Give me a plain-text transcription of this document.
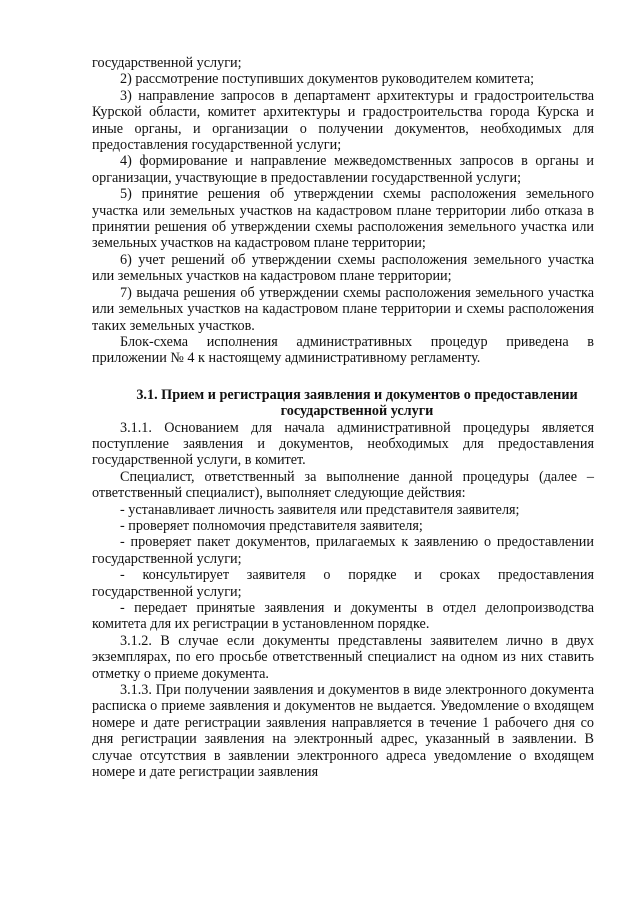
государственной услуги;

2) рассмотрение поступивших документов руководителем комитета;

3) направление запросов в департамент архитектуры и градостроительства Курской области, комитет архитектуры и градостроительства города Курска и иные органы, и организации о получении документов, необходимых для предоставления государственной услуги;

4) формирование и направление межведомственных запросов в органы и организации, участвующие в предоставлении государственной услуги;

5) принятие решения об утверждении схемы расположения земельного участка или земельных участков на кадастровом плане территории либо отказа в принятии решения об утверждении схемы расположения земельного участка или земельных участков на кадастровом плане территории;

6) учет решений об утверждении схемы расположения земельного участка или земельных участков на кадастровом плане территории;

7) выдача решения об утверждении схемы расположения земельного участка или земельных участков на кадастровом плане территории и схемы расположения таких земельных участков.

Блок-схема исполнения административных процедур приведена в приложении № 4 к настоящему административному регламенту.

3.1. Прием и регистрация заявления и документов о предоставлении государственной услуги

3.1.1. Основанием для начала административной процедуры является поступление заявления и документов, необходимых для предоставления государственной услуги, в комитет.

Специалист, ответственный за выполнение данной процедуры (далее – ответственный специалист), выполняет следующие действия:

- устанавливает личность заявителя или представителя заявителя;

- проверяет полномочия представителя заявителя;

- проверяет пакет документов, прилагаемых к заявлению о предоставлении государственной услуги;

- консультирует заявителя о порядке и сроках предоставления государственной услуги;

- передает принятые заявления и документы в отдел делопроизводства комитета для их регистрации в установленном порядке.

3.1.2. В случае если документы представлены заявителем лично в двух экземплярах, по его просьбе ответственный специалист на одном из них ставить отметку о приеме документа.

3.1.3. При получении заявления и документов в виде электронного документа расписка о приеме заявления и документов не выдается. Уведомление о входящем номере и дате регистрации заявления направляется в течение 1 рабочего дня со дня регистрации заявления на электронный адрес, указанный в заявлении. В случае отсутствия в заявлении электронного адреса уведомление о входящем номере и дате регистрации заявления
